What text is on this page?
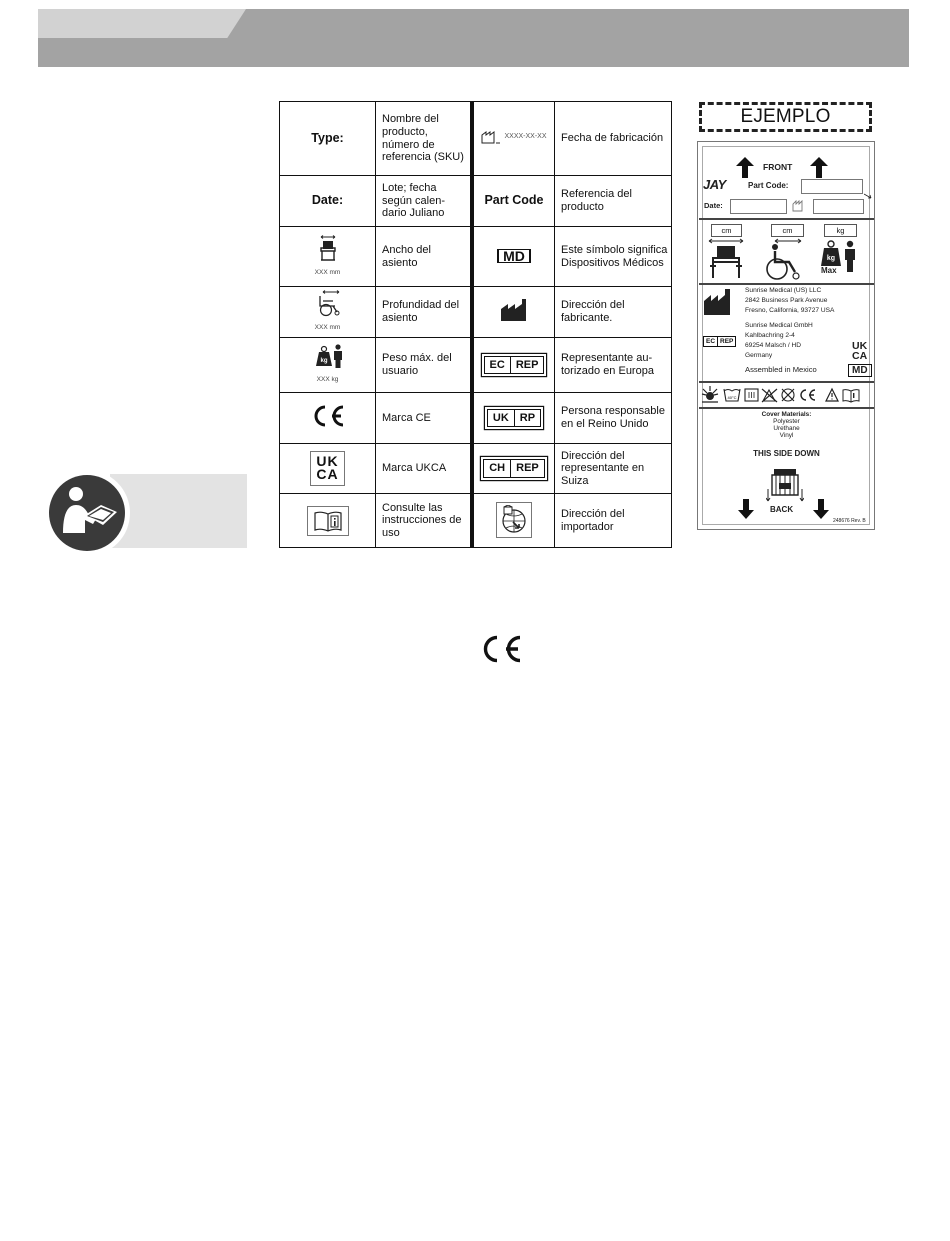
Type:	Nombre del producto, número de referencia (SKU)	XXXX-XX-XX	Fecha de fabricación
Date:	Lote; fecha según calen-dario Juliano	Part Code	Referencia del producto

XXX mm	Ancho del asiento	MD	Este símbolo significa Dispositivos Médicos

XXX mm	Profundidad del asiento		Dirección del fabricante.

kg
XXX kg	Peso máx. del usuario	EC REP	Representante au-torizado en Europa
	Marca CE	UK RP	Persona responsable en el Reino Unido
UK
CA	Marca UKCA	CH REP	Dirección del representante en Suiza
	Consulte las instrucciones de uso		Dirección del importador
EJEMPLO
FRONT
JAY	Part Code:
Date:
cm	cm	kg
kg
Max
Sunrise Medical (US) LLC
2842 Business Park Avenue
Fresno, California, 93727 USA
Sunrise Medical GmbH
Kahlbachring 2-4
69254 Malsch / HD
Germany
EC REP	UK
CA
Assembled in Mexico	MD
40°C
Cover Materials:
Polyester
Urethane
Vinyl
THIS SIDE DOWN
BACK
248676 Rev. B
